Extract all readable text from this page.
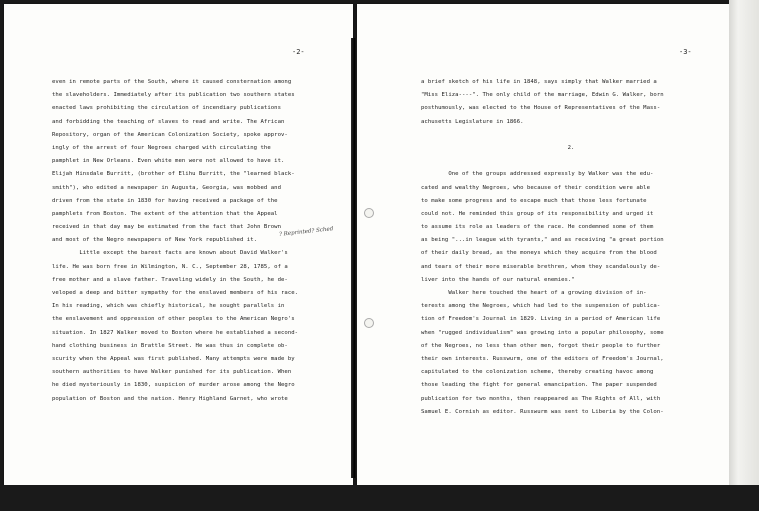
-2-
even in remote parts of the South, where it caused consternation among
the slaveholders. Immediately after its publication two southern states
enacted laws prohibiting the circulation of incendiary publications
and forbidding the teaching of slaves to read and write. The African
Repository, organ of the American Colonization Society, spoke approv-
ingly of the arrest of four Negroes charged with circulating the
pamphlet in New Orleans. Even white men were not allowed to have it.
Elijah Hinsdale Burritt, (brother of Elihu Burritt, the "learned black-
smith"), who edited a newspaper in Augusta, Georgia, was mobbed and
driven from the state in 1830 for having received a package of the
pamphlets from Boston. The extent of the attention that the Appeal
received in that day may be estimated from the fact that John Brown
and most of the Negro newspapers of New York republished it.
Little except the barest facts are known about David Walker's
life. He was born free in Wilmington, N. C., September 28, 1785, of a
free mother and a slave father. Traveling widely in the South, he de-
veloped a deep and bitter sympathy for the enslaved members of his race.
In his reading, which was chiefly historical, he sought parallels in
the enslavement and oppression of other peoples to the American Negro's
situation. In 1827 Walker moved to Boston where he established a second-
hand clothing business in Brattle Street. He was thus in complete ob-
scurity when the Appeal was first published. Many attempts were made by
southern authorities to have Walker punished for its publication. When
he died mysteriously in 1830, suspicion of murder arose among the Negro
population of Boston and the nation. Henry Highland Garnet, who wrote
? Reprinted? Sched
-3-
a brief sketch of his life in 1848, says simply that Walker married a
"Miss Eliza----". The only child of the marriage, Edwin G. Walker, born
posthumously, was elected to the House of Representatives of the Mass-
achusetts Legislature in 1866.
2.
One of the groups addressed expressly by Walker was the edu-
cated and wealthy Negroes, who because of their condition were able
to make some progress and to escape much that those less fortunate
could not. He reminded this group of its responsibility and urged it
to assume its role as leaders of the race. He condemned some of them
as being "...in league with tyrants," and as receiving "a great portion
of their daily bread, as the moneys which they acquire from the blood
and tears of their more miserable brethren, whom they scandalously de-
liver into the hands of our natural enemies."
Walker here touched the heart of a growing division of in-
terests among the Negroes, which had led to the suspension of publica-
tion of Freedom's Journal in 1829. Living in a period of American life
when "rugged individualism" was growing into a popular philosophy, some
of the Negroes, no less than other men, forgot their people to further
their own interests. Russwurm, one of the editors of Freedom's Journal,
capitulated to the colonization scheme, thereby creating havoc among
those leading the fight for general emancipation. The paper suspended
publication for two months, then reappeared as The Rights of All, with
Samuel E. Cornish as editor. Russwurm was sent to Liberia by the Colon-
